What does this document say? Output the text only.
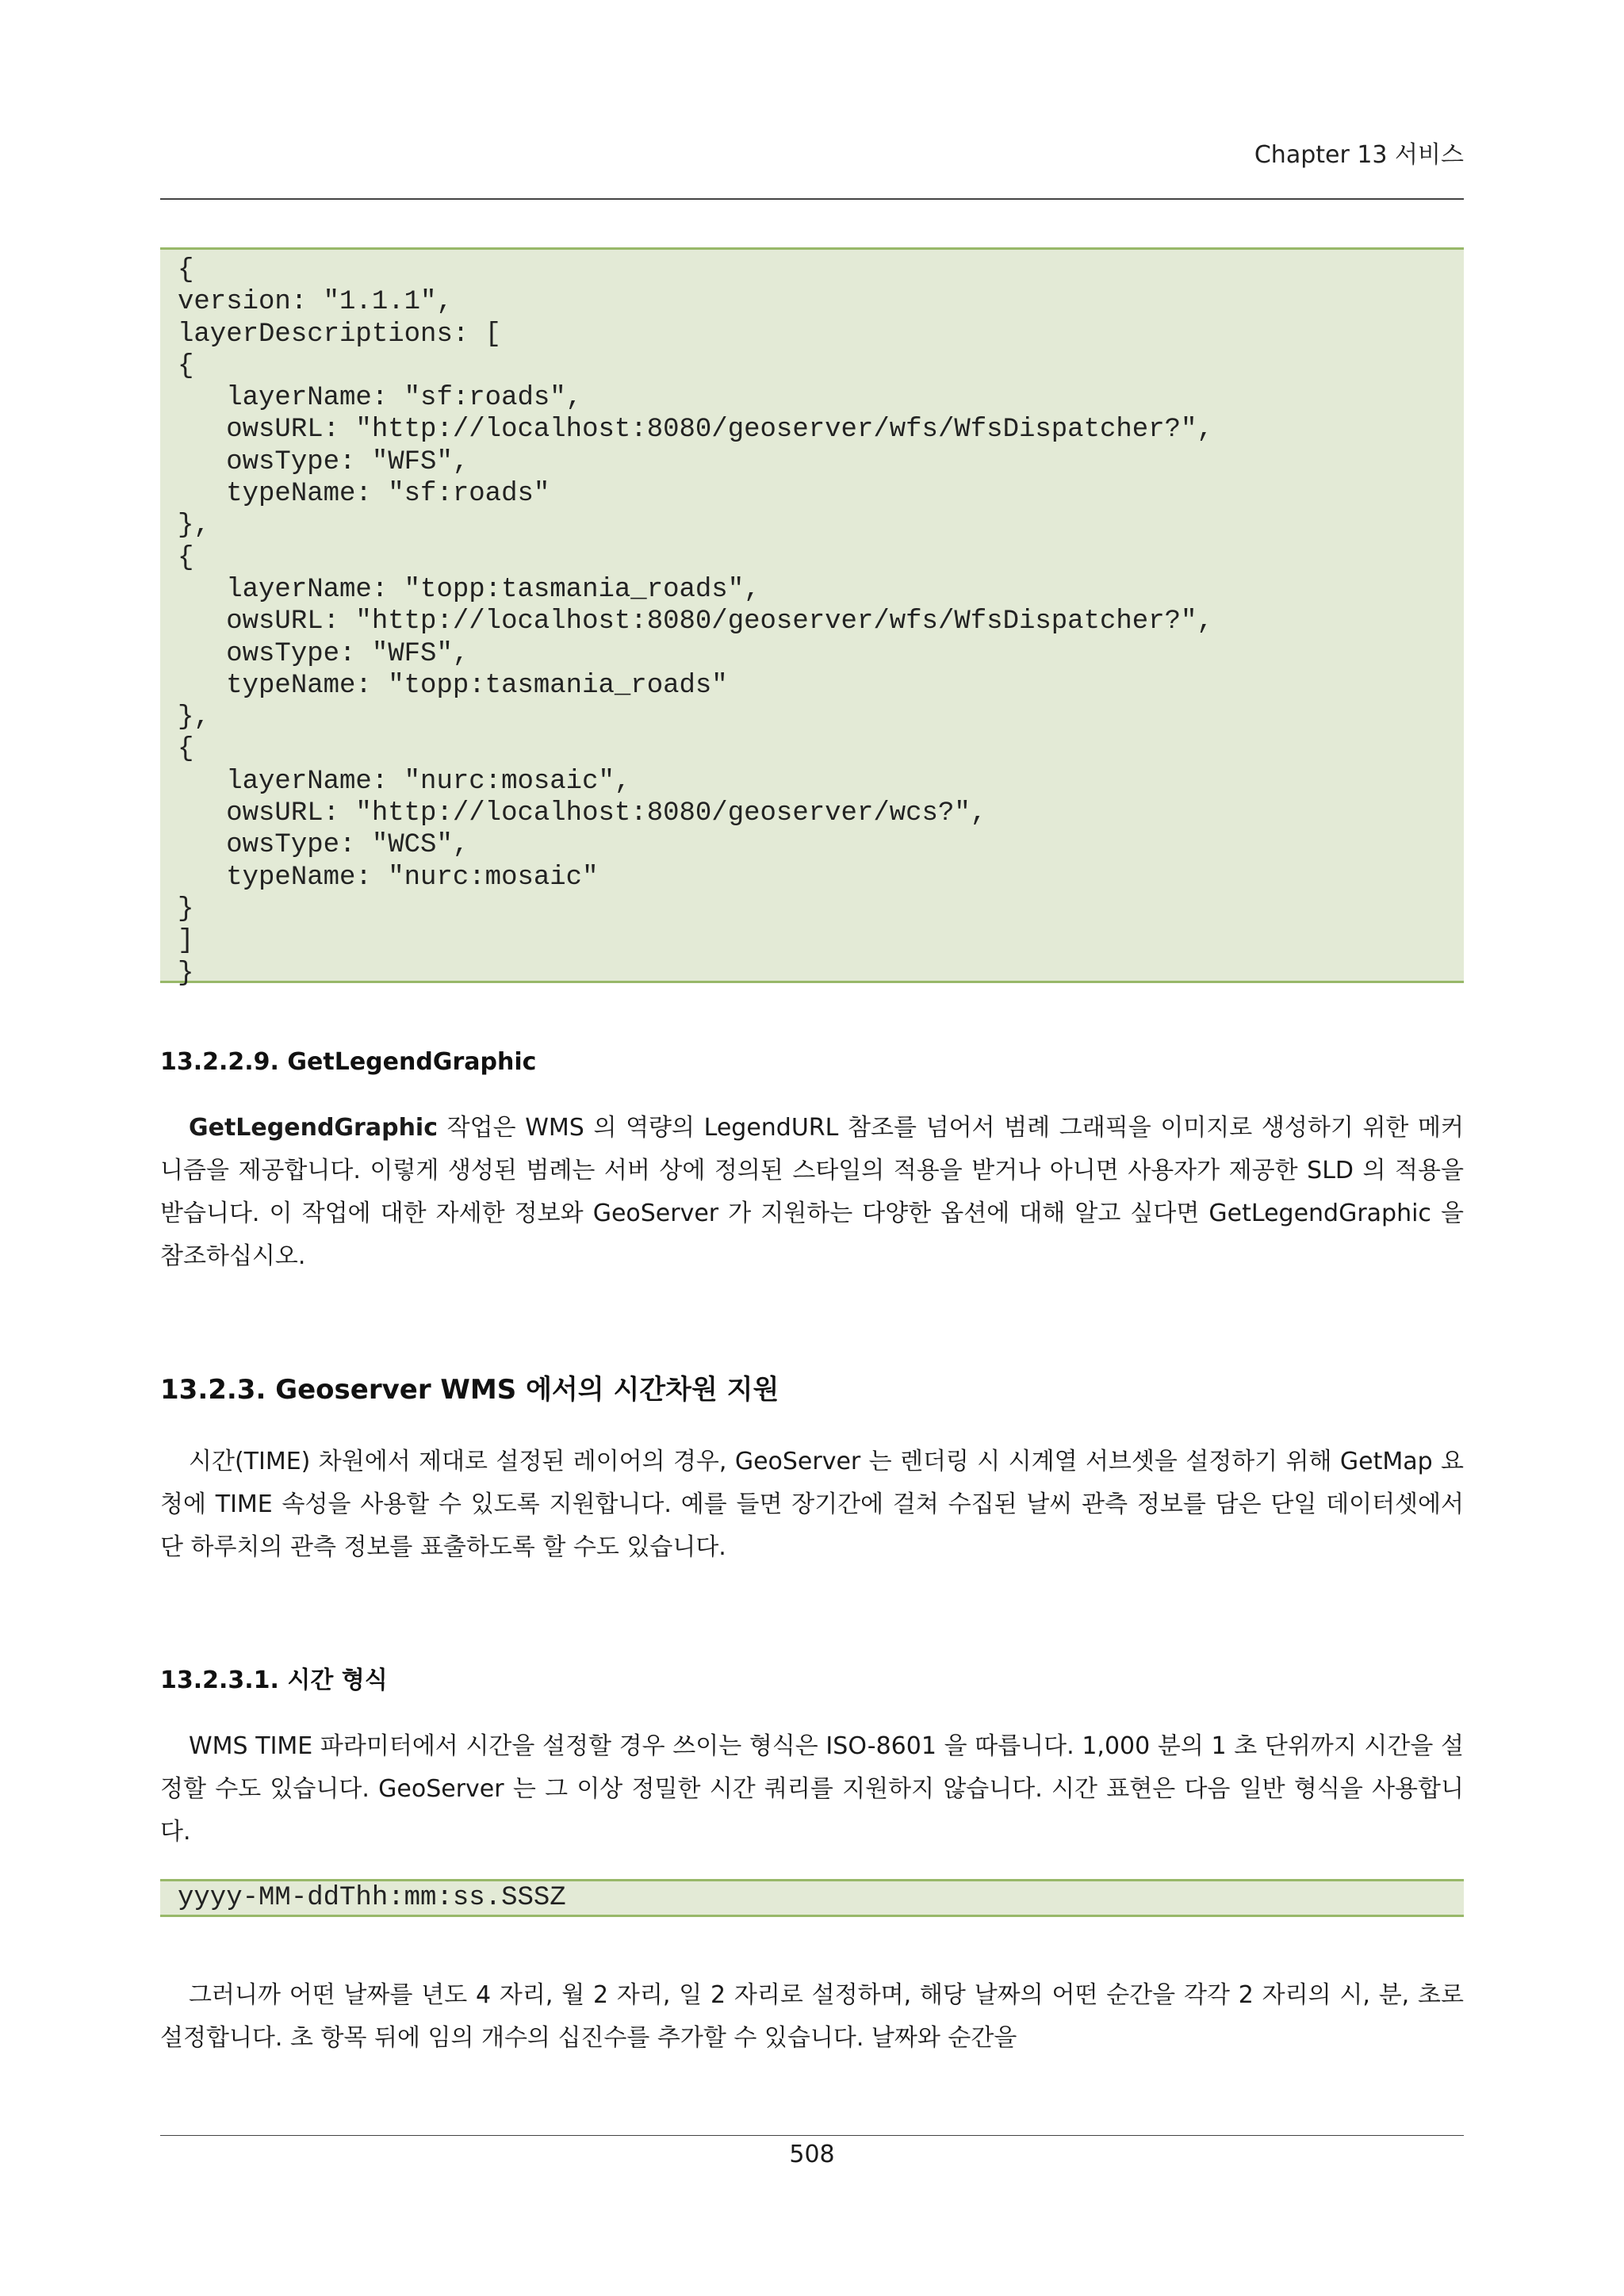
Chapter 13 서비스
{
version: "1.1.1",
layerDescriptions: [
{
layerName: "sf:roads",
owsURL: "http://localhost:8080/geoserver/wfs/WfsDispatcher?",
owsType: "WFS",
typeName: "sf:roads"
},
{
layerName: "topp:tasmania_roads",
owsURL: "http://localhost:8080/geoserver/wfs/WfsDispatcher?",
owsType: "WFS",
typeName: "topp:tasmania_roads"
},
{
layerName: "nurc:mosaic",
owsURL: "http://localhost:8080/geoserver/wcs?",
owsType: "WCS",
typeName: "nurc:mosaic"
}
]
}
13.2.2.9. GetLegendGraphic

GetLegendGraphic 작업은 WMS 의 역량의 LegendURL 참조를 넘어서 범례 그래픽을 이미지로 생성하기 위한 메커니즘을 제공합니다. 이렇게 생성된 범례는 서버 상에 정의된 스타일의 적용을 받거나 아니면 사용자가 제공한 SLD 의 적용을 받습니다. 이 작업에 대한 자세한 정보와 GeoServer 가 지원하는 다양한 옵션에 대해 알고 싶다면 GetLegendGraphic 을 참조하십시오.

13.2.3. Geoserver WMS 에서의 시간차원 지원

시간(TIME) 차원에서 제대로 설정된 레이어의 경우, GeoServer 는 렌더링 시 시계열 서브셋을 설정하기 위해 GetMap 요청에 TIME 속성을 사용할 수 있도록 지원합니다. 예를 들면 장기간에 걸쳐 수집된 날씨 관측 정보를 담은 단일 데이터셋에서 단 하루치의 관측 정보를 표출하도록 할 수도 있습니다.

13.2.3.1. 시간 형식

WMS TIME 파라미터에서 시간을 설정할 경우 쓰이는 형식은 ISO-8601 을 따릅니다. 1,000 분의 1 초 단위까지 시간을 설정할 수도 있습니다. GeoServer 는 그 이상 정밀한 시간 쿼리를 지원하지 않습니다. 시간 표현은 다음 일반 형식을 사용합니다.

yyyy-MM-ddThh:mm:ss.SSSZ

그러니까 어떤 날짜를 년도 4 자리, 월 2 자리, 일 2 자리로 설정하며, 해당 날짜의 어떤 순간을 각각 2 자리의 시, 분, 초로 설정합니다. 초 항목 뒤에 임의 개수의 십진수를 추가할 수 있습니다. 날짜와 순간을

508
